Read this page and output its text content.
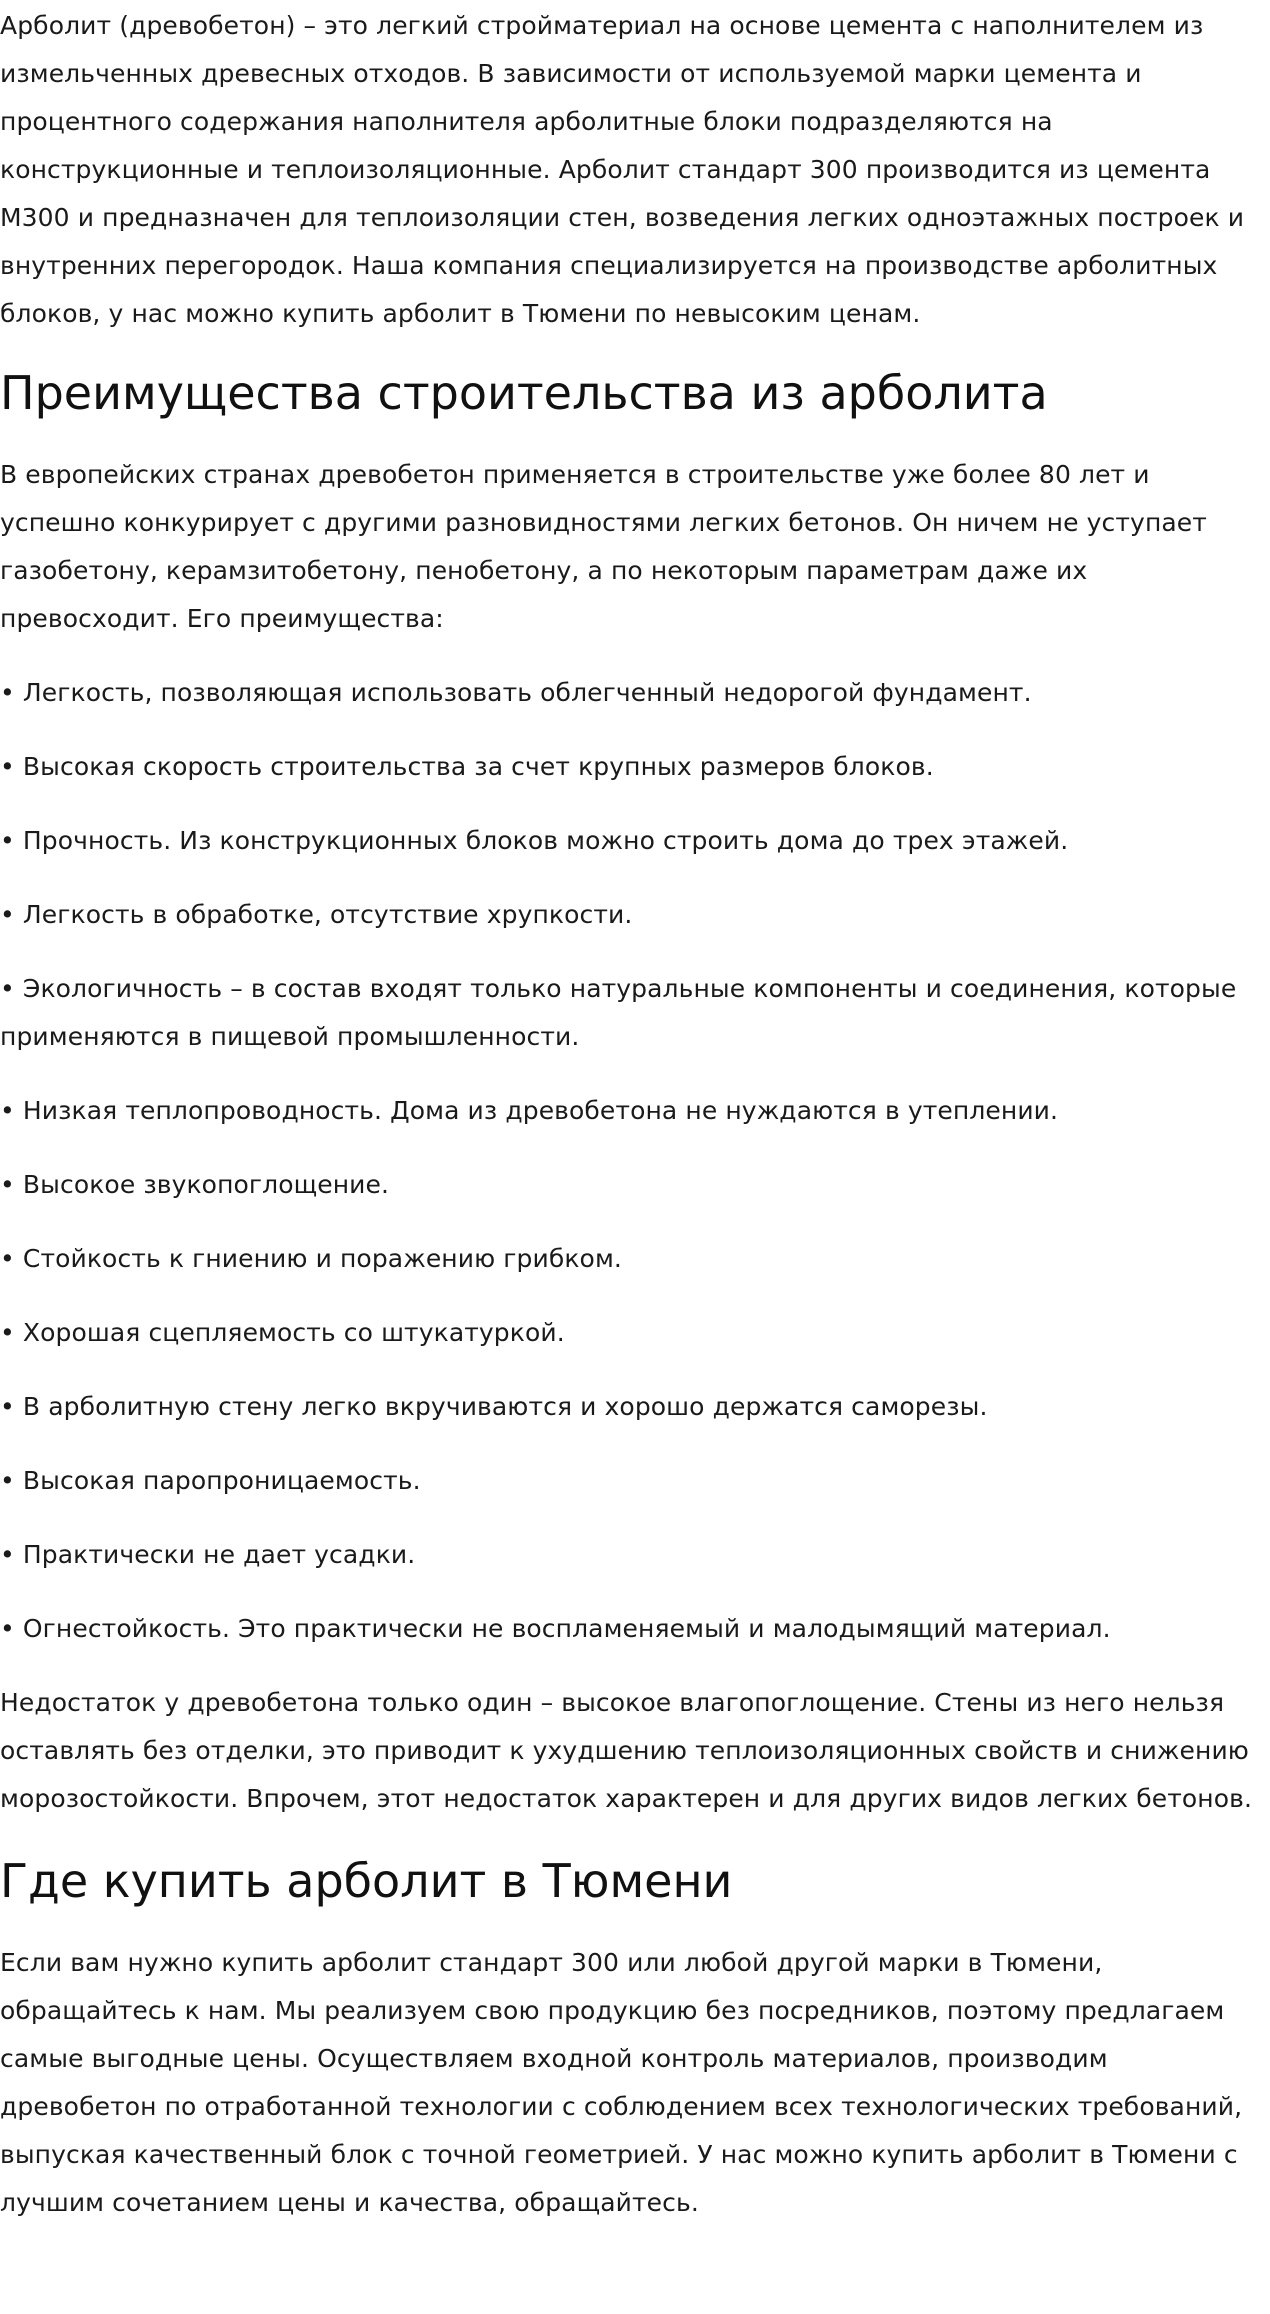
Арболит (древобетон) – это легкий стройматериал на основе цемента с наполнителем из измельченных древесных отходов. В зависимости от используемой марки цемента и процентного содержания наполнителя арболитные блоки подразделяются на конструкционные и теплоизоляционные. Арболит стандарт 300 производится из цемента М300 и предназначен для теплоизоляции стен, возведения легких одноэтажных построек и внутренних перегородок. Наша компания специализируется на производстве арболитных блоков, у нас можно купить арболит в Тюмени по невысоким ценам.

Преимущества строительства из арболита

В европейских странах древобетон применяется в строительстве уже более 80 лет и успешно конкурирует с другими разновидностями легких бетонов. Он ничем не уступает газобетону, керамзитобетону, пенобетону, а по некоторым параметрам даже их превосходит. Его преимущества:

• Легкость, позволяющая использовать облегченный недорогой фундамент.

• Высокая скорость строительства за счет крупных размеров блоков.

• Прочность. Из конструкционных блоков можно строить дома до трех этажей.

• Легкость в обработке, отсутствие хрупкости.

• Экологичность – в состав входят только натуральные компоненты и соединения, которые применяются в пищевой промышленности.

• Низкая теплопроводность. Дома из древобетона не нуждаются в утеплении.

• Высокое звукопоглощение.

• Стойкость к гниению и поражению грибком.

• Хорошая сцепляемость со штукатуркой.

• В арболитную стену легко вкручиваются и хорошо держатся саморезы.

• Высокая паропроницаемость.

• Практически не дает усадки.

• Огнестойкость. Это практически не воспламеняемый и малодымящий материал.

Недостаток у древобетона только один – высокое влагопоглощение. Стены из него нельзя оставлять без отделки, это приводит к ухудшению теплоизоляционных свойств и снижению морозостойкости. Впрочем, этот недостаток характерен и для других видов легких бетонов.

Где купить арболит в Тюмени

Если вам нужно купить арболит стандарт 300 или любой другой марки в Тюмени, обращайтесь к нам. Мы реализуем свою продукцию без посредников, поэтому предлагаем самые выгодные цены. Осуществляем входной контроль материалов, производим древобетон по отработанной технологии с соблюдением всех технологических требований, выпуская качественный блок с точной геометрией. У нас можно купить арболит в Тюмени с лучшим сочетанием цены и качества, обращайтесь.
